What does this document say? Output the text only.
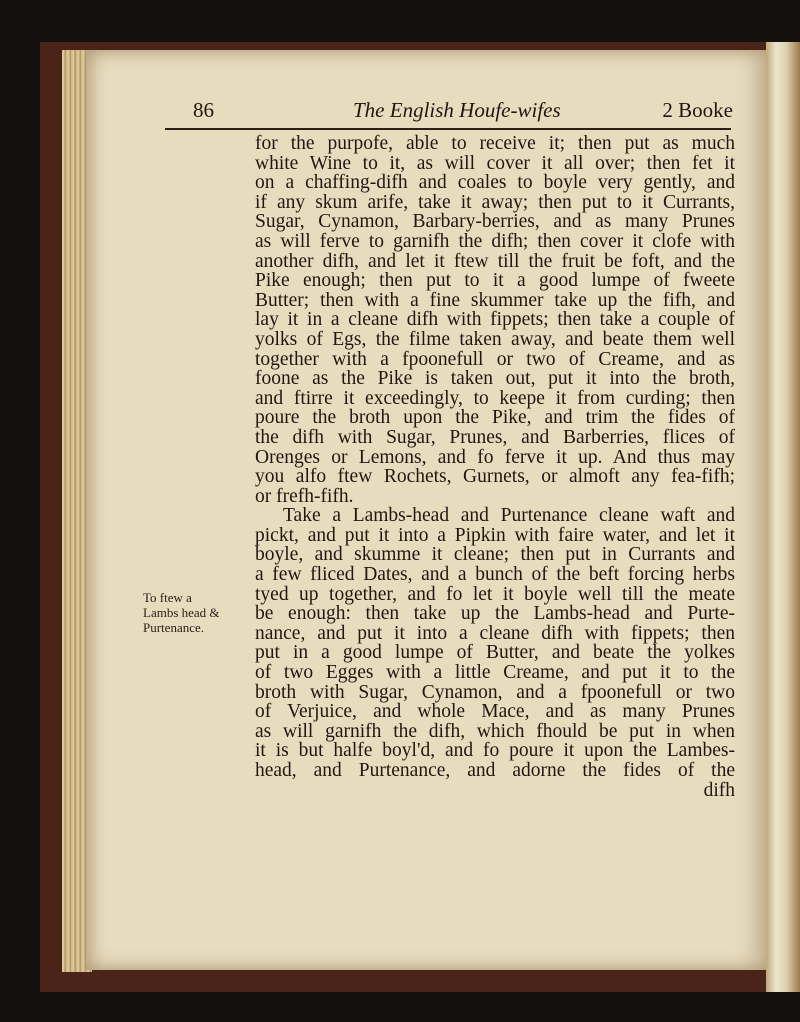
86	The English Houfe-wifes	2 Booke
To ftew a
Lambs head &
Purtenance.
for the purpofe, able to receive it; then put as much
white Wine to it, as will cover it all over; then fet it
on a chaffing-difh and coales to boyle very gently, and
if any skum arife, take it away; then put to it Currants,
Sugar, Cynamon, Barbary-berries, and as many Prunes
as will ferve to garnifh the difh; then cover it clofe with
another difh, and let it ftew till the fruit be foft, and the
Pike enough; then put to it a good lumpe of fweete
Butter; then with a fine skummer take up the fifh, and
lay it in a cleane difh with fippets; then take a couple of
yolks of Egs, the filme taken away, and beate them well
together with a fpoonefull or two of Creame, and as
foone as the Pike is taken out, put it into the broth,
and ftirre it exceedingly, to keepe it from curding; then
poure the broth upon the Pike, and trim the fides of
the difh with Sugar, Prunes, and Barberries, flices of
Orenges or Lemons, and fo ferve it up. And thus may
you alfo ftew Rochets, Gurnets, or almoft any fea-fifh;
or frefh-fifh.
Take a Lambs-head and Purtenance cleane waft and
pickt, and put it into a Pipkin with faire water, and let it
boyle, and skumme it cleane; then put in Currants and
a few fliced Dates, and a bunch of the beft forcing herbs
tyed up together, and fo let it boyle well till the meate
be enough: then take up the Lambs-head and Purte-
nance, and put it into a cleane difh with fippets; then
put in a good lumpe of Butter, and beate the yolkes
of two Egges with a little Creame, and put it to the
broth with Sugar, Cynamon, and a fpoonefull or two
of Verjuice, and whole Mace, and as many Prunes
as will garnifh the difh, which fhould be put in when
it is but halfe boyl'd, and fo poure it upon the Lambes-
head, and Purtenance, and adorne the fides of the
difh
